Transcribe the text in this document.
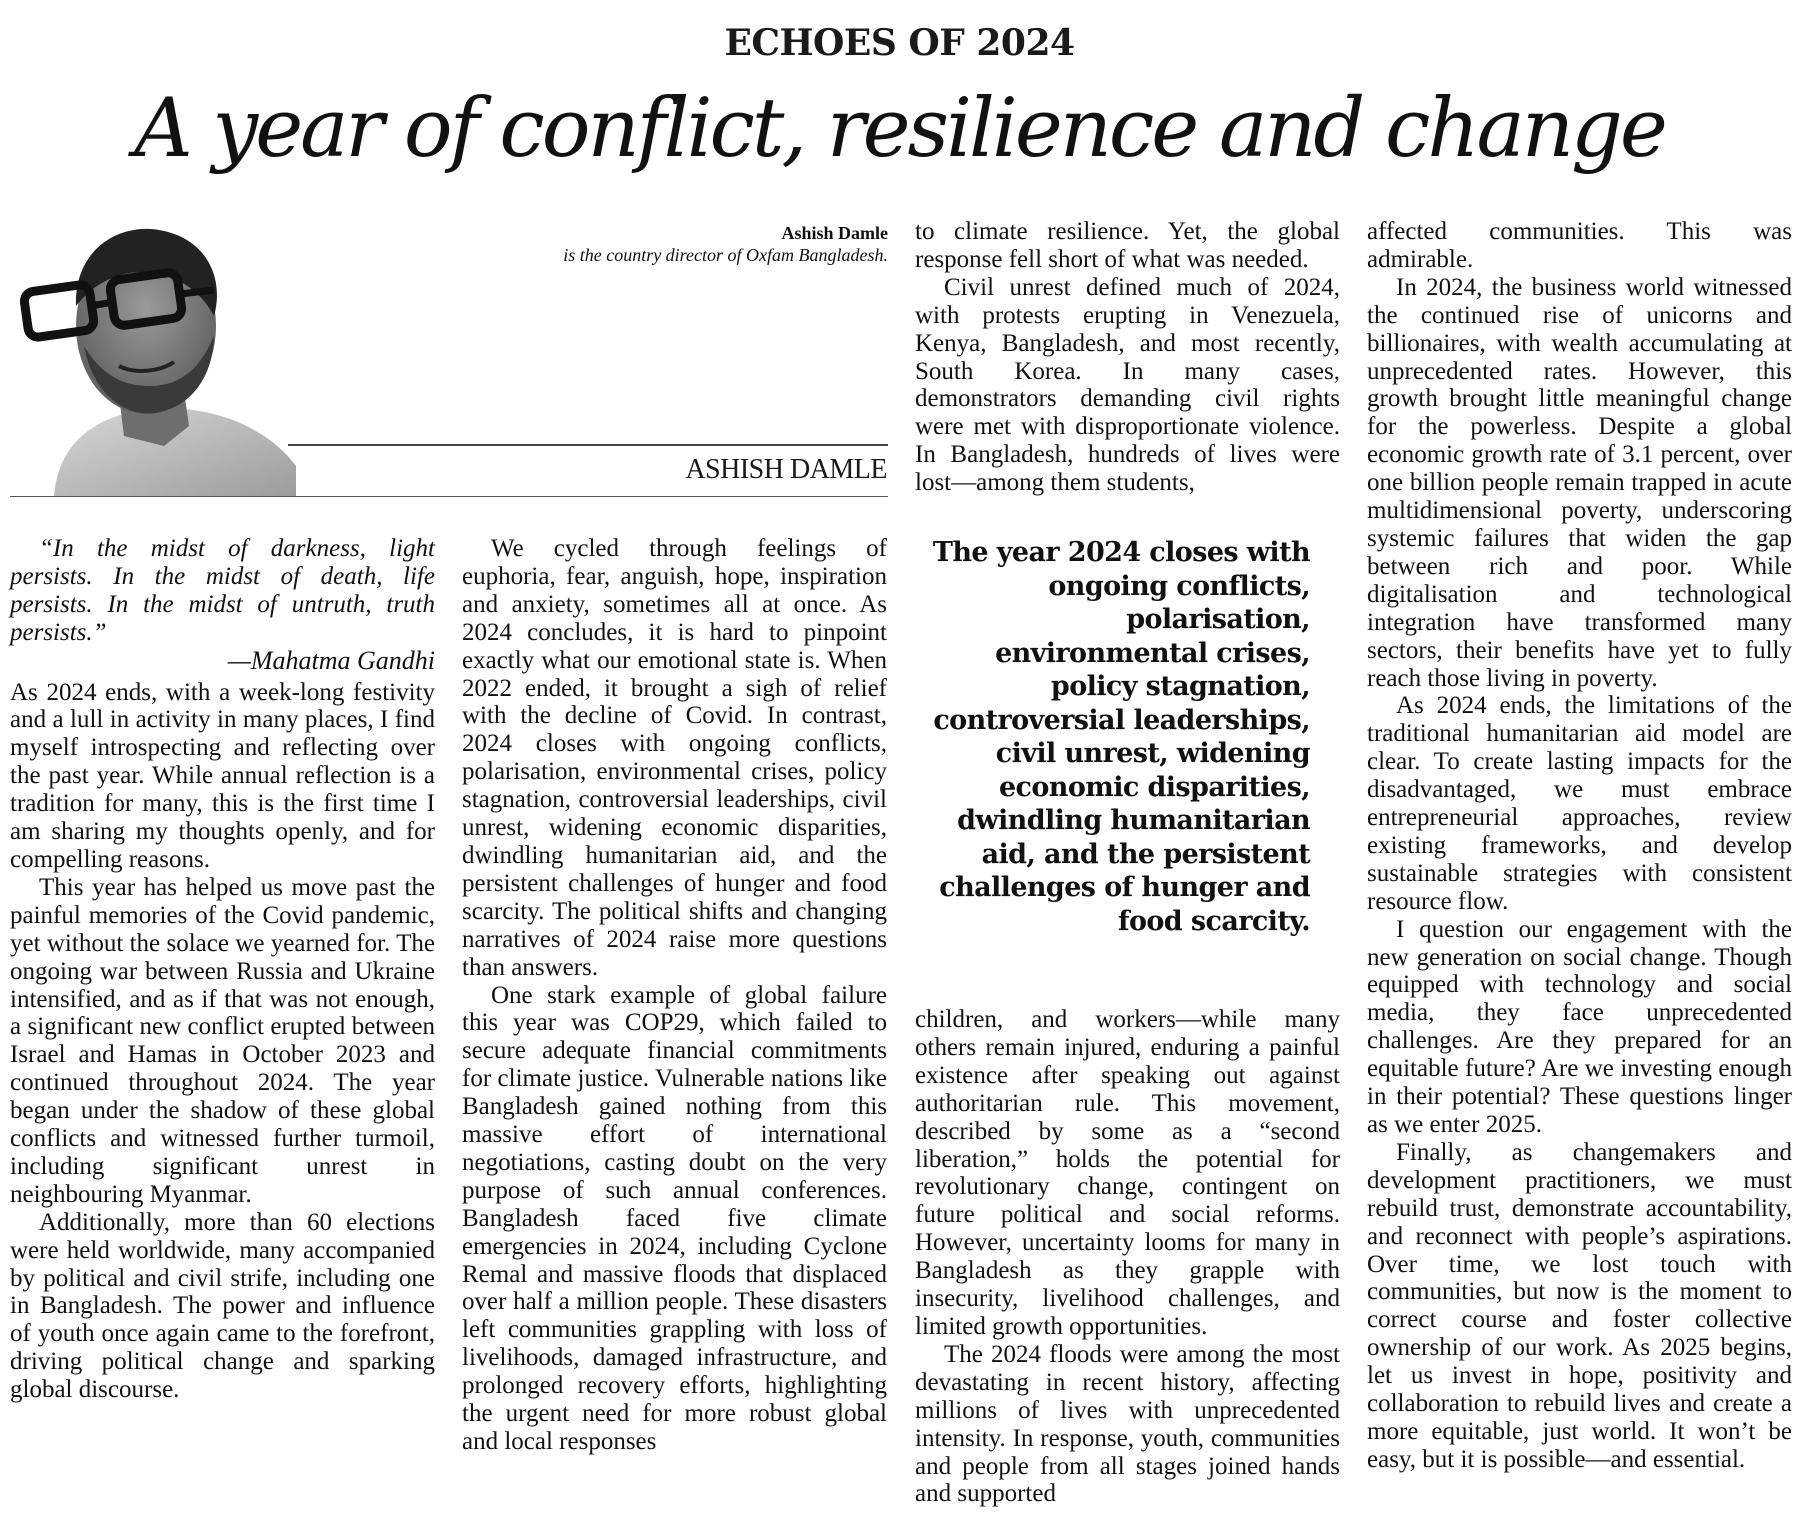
ECHOES OF 2024
A year of conflict, resilience and change
Ashish Damle
is the country director of Oxfam Bangladesh.
ASHISH DAMLE

“In the midst of darkness, light persists. In the midst of death, life persists. In the midst of untruth, truth persists.”

—Mahatma Gandhi

As 2024 ends, with a week-long festivity and a lull in activity in many places, I find myself introspecting and reflecting over the past year. While annual reflection is a tradition for many, this is the first time I am sharing my thoughts openly, and for compelling reasons.

This year has helped us move past the painful memories of the Covid pandemic, yet without the solace we yearned for. The ongoing war between Russia and Ukraine intensified, and as if that was not enough, a significant new conflict erupted between Israel and Hamas in October 2023 and continued throughout 2024. The year began under the shadow of these global conflicts and witnessed further turmoil, including significant unrest in neighbouring Myanmar.

Additionally, more than 60 elections were held worldwide, many accompanied by political and civil strife, including one in Bangladesh. The power and influence of youth once again came to the forefront, driving political change and sparking global discourse.

We cycled through feelings of euphoria, fear, anguish, hope, inspiration and anxiety, sometimes all at once. As 2024 concludes, it is hard to pinpoint exactly what our emotional state is. When 2022 ended, it brought a sigh of relief with the decline of Covid. In contrast, 2024 closes with ongoing conflicts, polarisation, environmental crises, policy stagnation, controversial leaderships, civil unrest, widening economic disparities, dwindling humanitarian aid, and the persistent challenges of hunger and food scarcity. The political shifts and changing narratives of 2024 raise more questions than answers.

One stark example of global failure this year was COP29, which failed to secure adequate financial commitments for climate justice. Vulnerable nations like Bangladesh gained nothing from this massive effort of international negotiations, casting doubt on the very purpose of such annual conferences. Bangladesh faced five climate emergencies in 2024, including Cyclone Remal and massive floods that displaced over half a million people. These disasters left communities grappling with loss of livelihoods, damaged infrastructure, and prolonged recovery efforts, highlighting the urgent need for more robust global and local responses

to climate resilience. Yet, the global response fell short of what was needed.

Civil unrest defined much of 2024, with protests erupting in Venezuela, Kenya, Bangladesh, and most recently, South Korea. In many cases, demonstrators demanding civil rights were met with disproportionate violence. In Bangladesh, hundreds of lives were lost—among them students,

The year 2024 closes with ongoing conflicts, polarisation, environmental crises, policy stagnation, controversial leaderships, civil unrest, widening economic disparities, dwindling humanitarian aid, and the persistent challenges of hunger and food scarcity.

children, and workers—while many others remain injured, enduring a painful existence after speaking out against authoritarian rule. This movement, described by some as a “second liberation,” holds the potential for revolutionary change, contingent on future political and social reforms. However, uncertainty looms for many in Bangladesh as they grapple with insecurity, livelihood challenges, and limited growth opportunities.

The 2024 floods were among the most devastating in recent history, affecting millions of lives with unprecedented intensity. In response, youth, communities and people from all stages joined hands and supported

affected communities. This was admirable.

In 2024, the business world witnessed the continued rise of unicorns and billionaires, with wealth accumulating at unprecedented rates. However, this growth brought little meaningful change for the powerless. Despite a global economic growth rate of 3.1 percent, over one billion people remain trapped in acute multidimensional poverty, underscoring systemic failures that widen the gap between rich and poor. While digitalisation and technological integration have transformed many sectors, their benefits have yet to fully reach those living in poverty.

As 2024 ends, the limitations of the traditional humanitarian aid model are clear. To create lasting impacts for the disadvantaged, we must embrace entrepreneurial approaches, review existing frameworks, and develop sustainable strategies with consistent resource flow.

I question our engagement with the new generation on social change. Though equipped with technology and social media, they face unprecedented challenges. Are they prepared for an equitable future? Are we investing enough in their potential? These questions linger as we enter 2025.

Finally, as changemakers and development practitioners, we must rebuild trust, demonstrate accountability, and reconnect with people’s aspirations. Over time, we lost touch with communities, but now is the moment to correct course and foster collective ownership of our work. As 2025 begins, let us invest in hope, positivity and collaboration to rebuild lives and create a more equitable, just world. It won’t be easy, but it is possible—and essential.
